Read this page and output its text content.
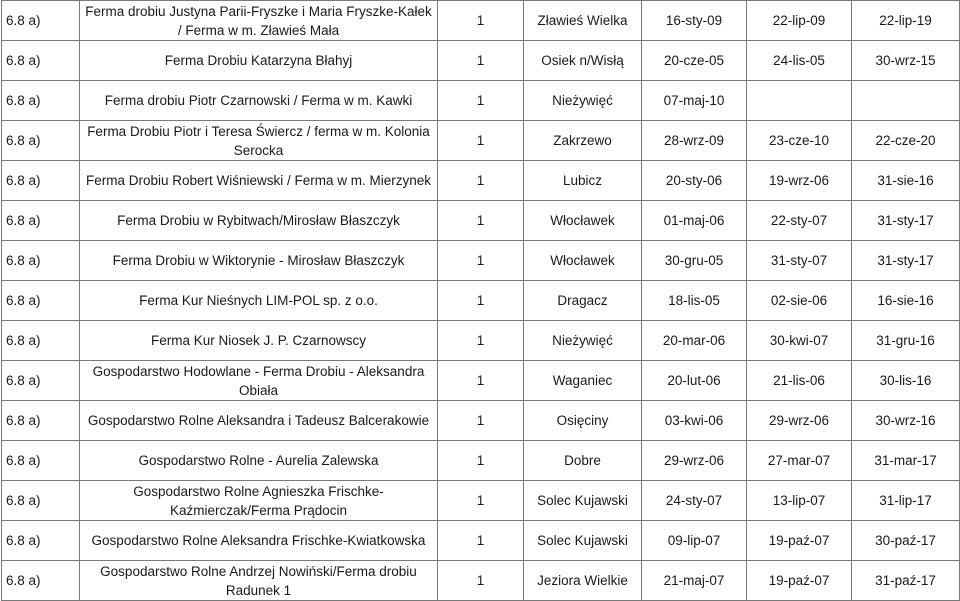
6.8 a)	Ferma drobiu Justyna Parii-Fryszke i Maria Fryszke-Kałek / Ferma w m. Zławieś Mała	1	Zławieś Wielka	16-sty-09	22-lip-09	22-lip-19
6.8 a)	Ferma Drobiu Katarzyna Błahyj	1	Osiek n/Wisłą	20-cze-05	24-lis-05	30-wrz-15
6.8 a)	Ferma drobiu Piotr Czarnowski / Ferma w m. Kawki	1	Nieżywięć	07-maj-10		
6.8 a)	Ferma Drobiu Piotr i Teresa Świercz / ferma w m. Kolonia Serocka	1	Zakrzewo	28-wrz-09	23-cze-10	22-cze-20
6.8 a)	Ferma Drobiu Robert Wiśniewski / Ferma w m. Mierzynek	1	Lubicz	20-sty-06	19-wrz-06	31-sie-16
6.8 a)	Ferma Drobiu w Rybitwach/Mirosław Błaszczyk	1	Włocławek	01-maj-06	22-sty-07	31-sty-17
6.8 a)	Ferma Drobiu w Wiktorynie - Mirosław Błaszczyk	1	Włocławek	30-gru-05	31-sty-07	31-sty-17
6.8 a)	Ferma Kur Nieśnych LIM-POL sp. z o.o.	1	Dragacz	18-lis-05	02-sie-06	16-sie-16
6.8 a)	Ferma Kur Niosek J. P. Czarnowscy	1	Nieżywięć	20-mar-06	30-kwi-07	31-gru-16
6.8 a)	Gospodarstwo Hodowlane - Ferma Drobiu - Aleksandra Obiała	1	Waganiec	20-lut-06	21-lis-06	30-lis-16
6.8 a)	Gospodarstwo Rolne Aleksandra i Tadeusz Balcerakowie	1	Osięciny	03-kwi-06	29-wrz-06	30-wrz-16
6.8 a)	Gospodarstwo Rolne - Aurelia Zalewska	1	Dobre	29-wrz-06	27-mar-07	31-mar-17
6.8 a)	Gospodarstwo Rolne Agnieszka Frischke-Kaźmierczak/Ferma Prądocin	1	Solec Kujawski	24-sty-07	13-lip-07	31-lip-17
6.8 a)	Gospodarstwo Rolne Aleksandra Frischke-Kwiatkowska	1	Solec Kujawski	09-lip-07	19-paź-07	30-paź-17
6.8 a)	Gospodarstwo Rolne Andrzej Nowiński/Ferma drobiu Radunek 1	1	Jeziora Wielkie	21-maj-07	19-paź-07	31-paź-17
